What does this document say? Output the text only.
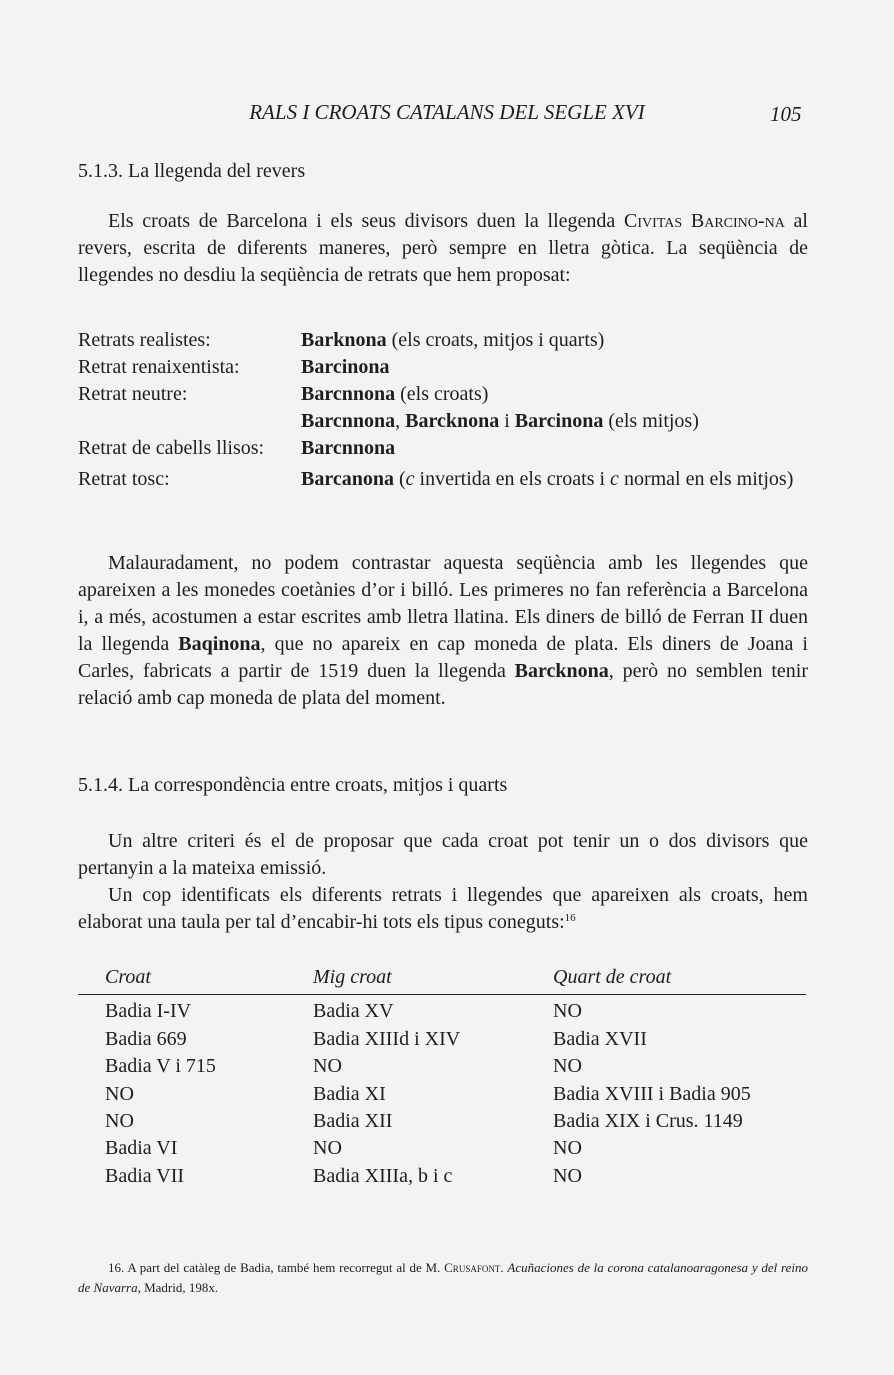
RALS I CROATS CATALANS DEL SEGLE XVI	105
5.1.3. La llegenda del revers
Els croats de Barcelona i els seus divisors duen la llegenda Civitas Barcino-na al revers, escrita de diferents maneres, però sempre en lletra gòtica. La seqüència de llegendes no desdiu la seqüència de retrats que hem proposat:
Retrats realistes:	Barknona (els croats, mitjos i quarts)
Retrat renaixentista:	Barcinona
Retrat neutre:	Barcnnona (els croats)
Barcnnona, Barcknona i Barcinona (els mitjos)
Retrat de cabells llisos: Barcnnona
Retrat tosc:	Barcanona (c invertida en els croats i c normal en els mitjos)
Malauradament, no podem contrastar aquesta seqüència amb les llegendes que apareixen a les monedes coetànies d’or i billó. Les primeres no fan referència a Barcelona i, a més, acostumen a estar escrites amb lletra llatina. Els diners de billó de Ferran II duen la llegenda Baqinona, que no apareix en cap moneda de plata. Els diners de Joana i Carles, fabricats a partir de 1519 duen la llegenda Barcknona, però no semblen tenir relació amb cap moneda de plata del moment.
5.1.4. La correspondència entre croats, mitjos i quarts
Un altre criteri és el de proposar que cada croat pot tenir un o dos divisors que pertanyin a la mateixa emissió.
Un cop identificats els diferents retrats i llegendes que apareixen als croats, hem elaborat una taula per tal d’encabir-hi tots els tipus coneguts:$^{16}$
Croat	Mig croat	Quart de croat
Badia I-IV	Badia XV	NO
Badia 669	Badia XIIId i XIV	Badia XVII
Badia V i 715	NO	NO
NO	Badia XI	Badia XVIII i Badia 905
NO	Badia XII	Badia XIX i Crus. 1149
Badia VI	NO	NO
Badia VII	Badia XIIIa, b i c	NO
16. A part del catàleg de Badia, també hem recorregut al de M. Crusafont. Acuñaciones de la corona catalanoaragonesa y del reino de Navarra, Madrid, 198x.
